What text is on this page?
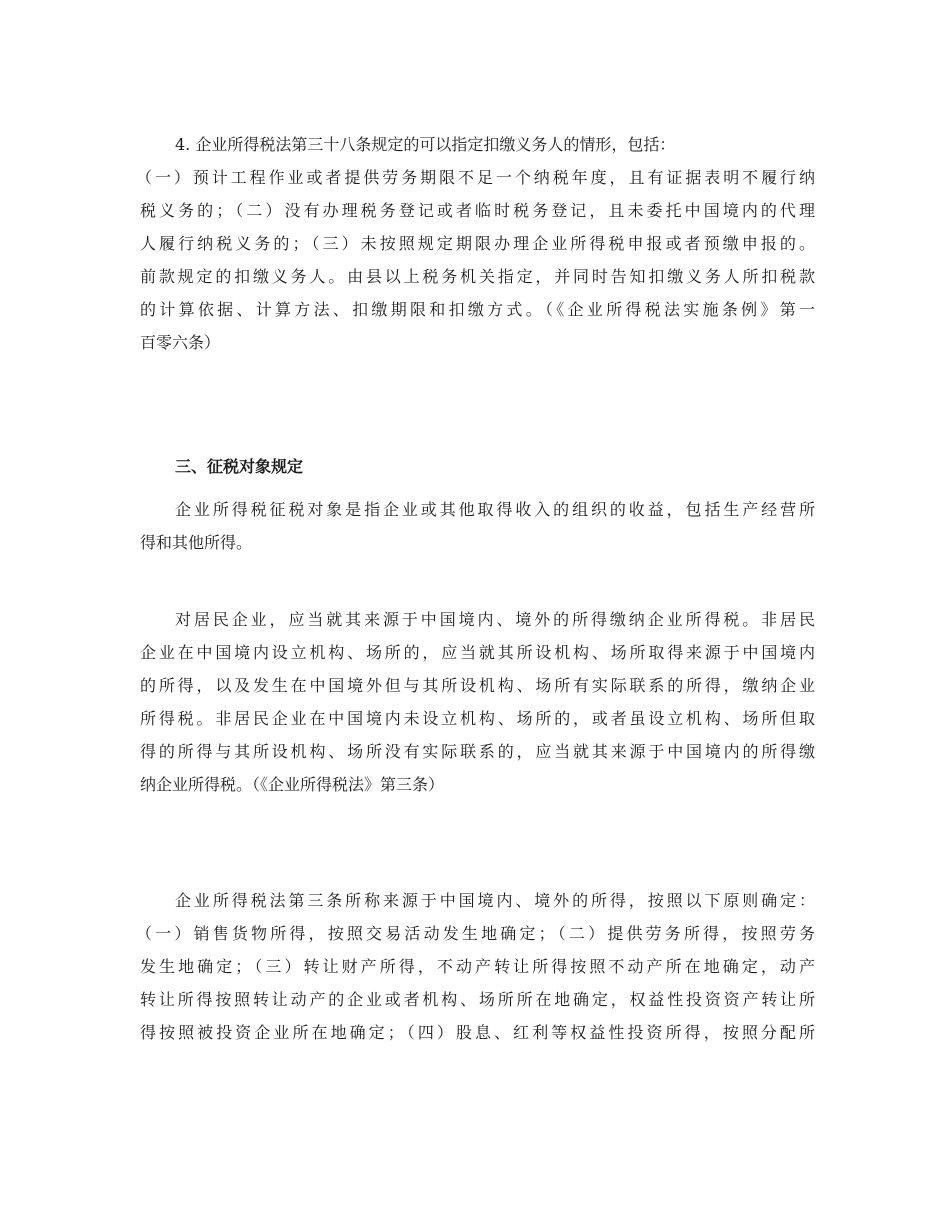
4. 企业所得税法第三十八条规定的可以指定扣缴义务人的情形，包括：
（一）预计工程作业或者提供劳务期限不足一个纳税年度，且有证据表明不履行纳
税义务的；（二）没有办理税务登记或者临时税务登记，且未委托中国境内的代理
人履行纳税义务的；（三）未按照规定期限办理企业所得税申报或者预缴申报的。
前款规定的扣缴义务人。由县以上税务机关指定，并同时告知扣缴义务人所扣税款
的计算依据、计算方法、扣缴期限和扣缴方式。（《企业所得税法实施条例》第一
百零六条）
三、征税对象规定
企业所得税征税对象是指企业或其他取得收入的组织的收益，包括生产经营所
得和其他所得。
对居民企业，应当就其来源于中国境内、境外的所得缴纳企业所得税。非居民
企业在中国境内设立机构、场所的，应当就其所设机构、场所取得来源于中国境内
的所得，以及发生在中国境外但与其所设机构、场所有实际联系的所得，缴纳企业
所得税。非居民企业在中国境内未设立机构、场所的，或者虽设立机构、场所但取
得的所得与其所设机构、场所没有实际联系的，应当就其来源于中国境内的所得缴
纳企业所得税。（《企业所得税法》第三条）
企业所得税法第三条所称来源于中国境内、境外的所得，按照以下原则确定：
（一）销售货物所得，按照交易活动发生地确定；（二）提供劳务所得，按照劳务
发生地确定；（三）转让财产所得，不动产转让所得按照不动产所在地确定，动产
转让所得按照转让动产的企业或者机构、场所所在地确定，权益性投资资产转让所
得按照被投资企业所在地确定；（四）股息、红利等权益性投资所得，按照分配所
